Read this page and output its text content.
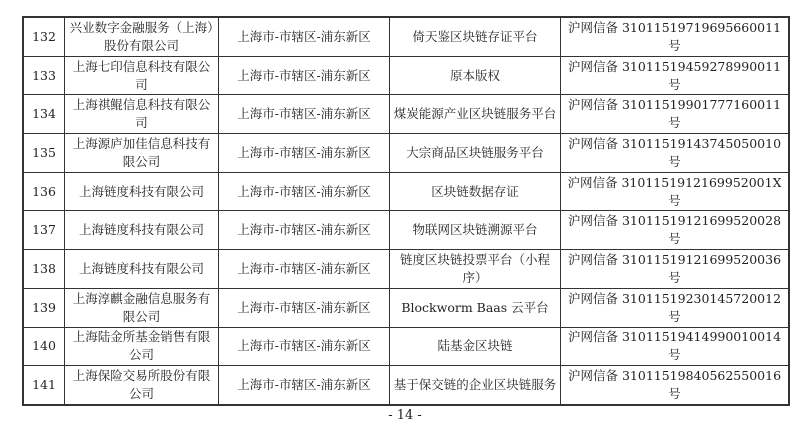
132	兴业数字金融服务（上海）股份有限公司	上海市-市辖区-浦东新区	倚天鉴区块链存证平台	沪网信备 31011519719695660011 号
133	上海七印信息科技有限公司	上海市-市辖区-浦东新区	原本版权	沪网信备 31011519459278990011 号
134	上海祺鲲信息科技有限公司	上海市-市辖区-浦东新区	煤炭能源产业区块链服务平台	沪网信备 31011519901777160011 号
135	上海源庐加佳信息科技有限公司	上海市-市辖区-浦东新区	大宗商品区块链服务平台	沪网信备 31011519143745050010 号
136	上海链度科技有限公司	上海市-市辖区-浦东新区	区块链数据存证	沪网信备 3101151912169952001X 号
137	上海链度科技有限公司	上海市-市辖区-浦东新区	物联网区块链溯源平台	沪网信备 31011519121699520028 号
138	上海链度科技有限公司	上海市-市辖区-浦东新区	链度区块链投票平台（小程序）	沪网信备 31011519121699520036 号
139	上海淳麒金融信息服务有限公司	上海市-市辖区-浦东新区	Blockworm Baas 云平台	沪网信备 31011519230145720012 号
140	上海陆金所基金销售有限公司	上海市-市辖区-浦东新区	陆基金区块链	沪网信备 31011519414990010014 号
141	上海保险交易所股份有限公司	上海市-市辖区-浦东新区	基于保交链的企业区块链服务	沪网信备 31011519840562550016 号
- 14 -
